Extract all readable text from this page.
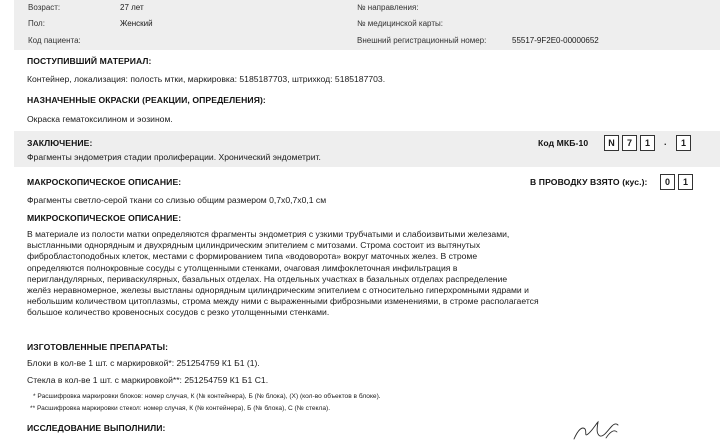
Возраст:	27 лет
Пол:	Женский
Код пациента:
№ направления:
№ медицинской карты:
Внешний регистрационный номер:	55517-9F2E0-00000652
ПОСТУПИВШИЙ МАТЕРИАЛ:
Контейнер, локализация: полость мтки, маркировка: 5185187703, штрихкод: 5185187703.
НАЗНАЧЕННЫЕ ОКРАСКИ (РЕАКЦИИ, ОПРЕДЕЛЕНИЯ):
Окраска гематоксилином и эозином.
ЗАКЛЮЧЕНИЕ:
Фрагменты эндометрия стадии пролиферации. Хронический эндометрит.
Код МКБ-10	N	7	1	.	1
МАКРОСКОПИЧЕСКОЕ ОПИСАНИЕ:	В ПРОВОДКУ ВЗЯТО (кус.):	0	1
Фрагменты светло-серой ткани со слизью общим размером 0,7x0,7x0,1 см
МИКРОСКОПИЧЕСКОЕ ОПИСАНИЕ:
В материале из полости матки определяются фрагменты эндометрия с узкими трубчатыми и слабоизвитыми железами,
выстланными однорядным и двухрядным цилиндрическим эпителием с митозами. Строма состоит из вытянутых
фибробластоподобных клеток, местами с формированием типа «водоворота» вокруг маточных желез. В строме
определяются полнокровные сосуды с утолщенными стенками, очаговая лимфоклеточная инфильтрация в
перигландулярных, периваскулярных, базальных отделах. На отдельных участках в базальных отделах распределение
желёз неравномерное, железы выстланы однорядным цилиндрическим эпителием с относительно гиперхромными ядрами и
небольшим количеством цитоплазмы, строма между ними с выраженными фиброзными изменениями, в строме располагается
большое количество кровеносных сосудов с резко утолщенными стенками.
ИЗГОТОВЛЕННЫЕ ПРЕПАРАТЫ:
Блоки в кол-ве 1 шт. с маркировкой*: 251254759 К1 Б1 (1).
Стекла в кол-ве 1 шт. с маркировкой**: 251254759 К1 Б1 С1.
* Расшифровка маркировки блоков: номер случая, К (№ контейнера), Б (№ блока), (Х) (кол-во объектов в блоке).
** Расшифровка маркировки стекол: номер случая, К (№ контейнера), Б (№ блока), С (№ стекла).
ИССЛЕДОВАНИЕ ВЫПОЛНИЛИ:
